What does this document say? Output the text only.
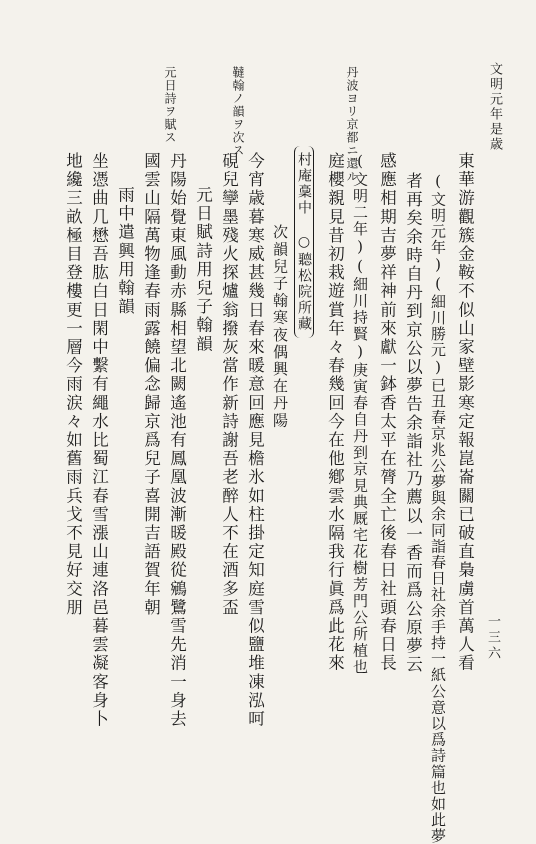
文明元年是歳
一三六
丹波ヨリ京都ニ還ル
元日詩ヲ賦ス	韃翰ノ韻ヲ次ス
東華游觀簇金鞍不似山家壁影寒定報崑崙關已破直梟虜首萬人看
(文明元年)(細川勝元)已丑春京兆公夢與余同詣春日社余手持一紙公意以爲詩篇也如此夢
者再矣余時自丹到京公以夢告余詣社乃薦以一香而爲公原夢云
感應相期吉夢祥神前來獻一鉢香太平在膂全亡後春日社頭春日長
(文明二年)(細川持賢)庚寅春自丹到京見典厩宅花樹芳門公所植也
庭櫻親見昔初栽遊賞年々春幾回今在他鄕雲水隔我行眞爲此花來
村庵稾中 ○聽松院所藏
次韻兒子翰寒夜偶興在丹陽
今宵歳暮寒威甚幾日春來暖意回應見檐氷如柱掛定知庭雪似鹽堆凍泓呵
硯兒孿墨殘火探爐翁撥灰當作新詩謝吾老醉人不在酒多盃
元日賦詩用兒子翰韻
丹陽始覺東風動赤縣相望北闕遙池有鳳凰波漸暖殿從鵷鷺雪先消一身去
國雲山隔萬物逢春雨露饒偏念歸京爲兒子喜開吉語賀年朝
雨中遣興用翰韻
坐憑曲几懋吾肱白日閑中繫有繩水比蜀江春雪漲山連洛邑暮雲凝客身卜
地纔三畝極目登樓更一層今雨涙々如舊雨兵戈不見好交朋
